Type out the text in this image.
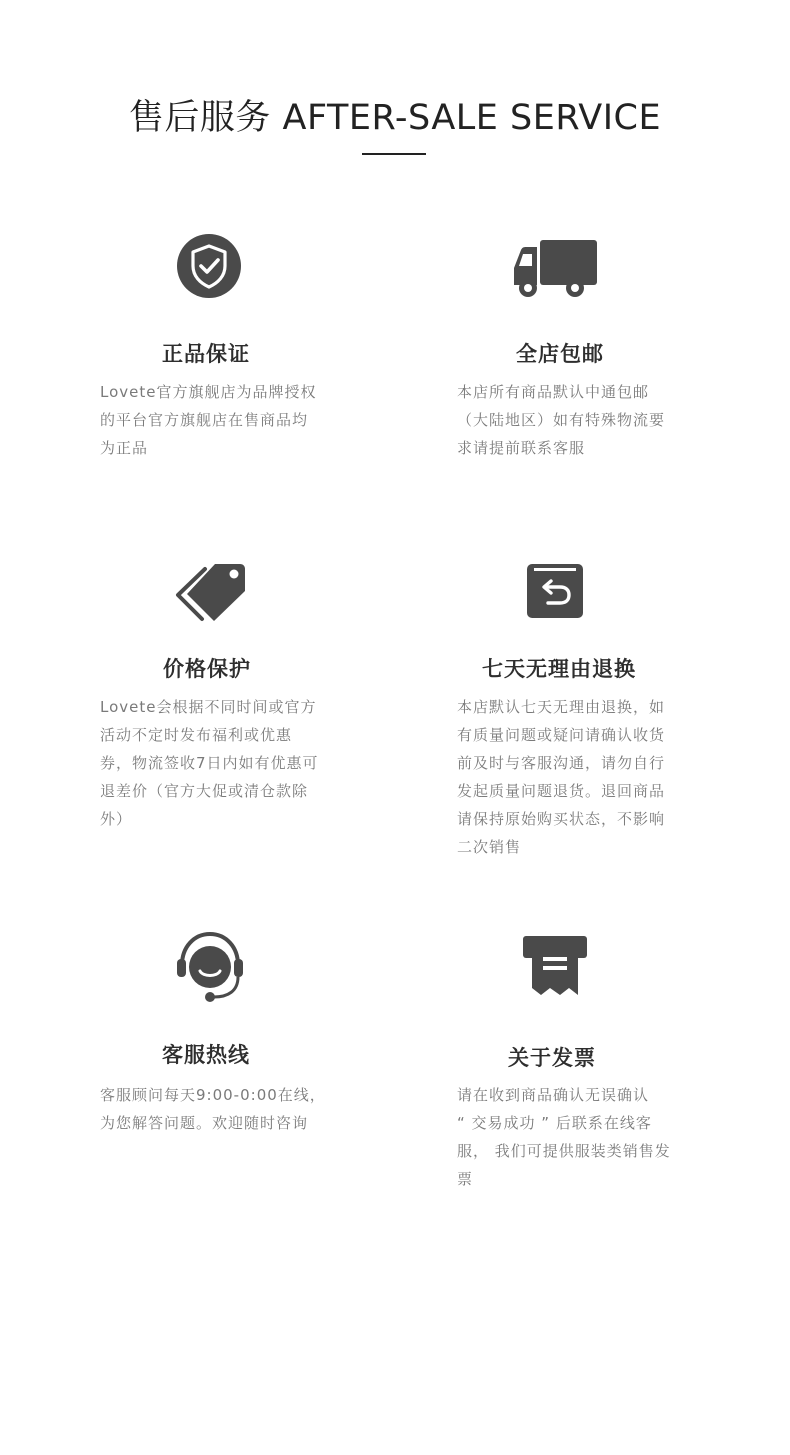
售后服务 AFTER-SALE SERVICE
正品保证
Lovete官方旗舰店为品牌授权
的平台官方旗舰店在售商品均
为正品
全店包邮
本店所有商品默认中通包邮
（大陆地区）如有特殊物流要
求请提前联系客服
价格保护
Lovete会根据不同时间或官方
活动不定时发布福利或优惠
券，物流签收7日内如有优惠可
退差价（官方大促或清仓款除
外）
七天无理由退换
本店默认七天无理由退换，如
有质量问题或疑问请确认收货
前及时与客服沟通，请勿自行
发起质量问题退货。退回商品
请保持原始购买状态，不影响
二次销售
客服热线
客服顾问每天9:00-0:00在线，
为您解答问题。欢迎随时咨询
关于发票
请在收到商品确认无误确认
“ 交易成功 ” 后联系在线客
服， 我们可提供服装类销售发
票
